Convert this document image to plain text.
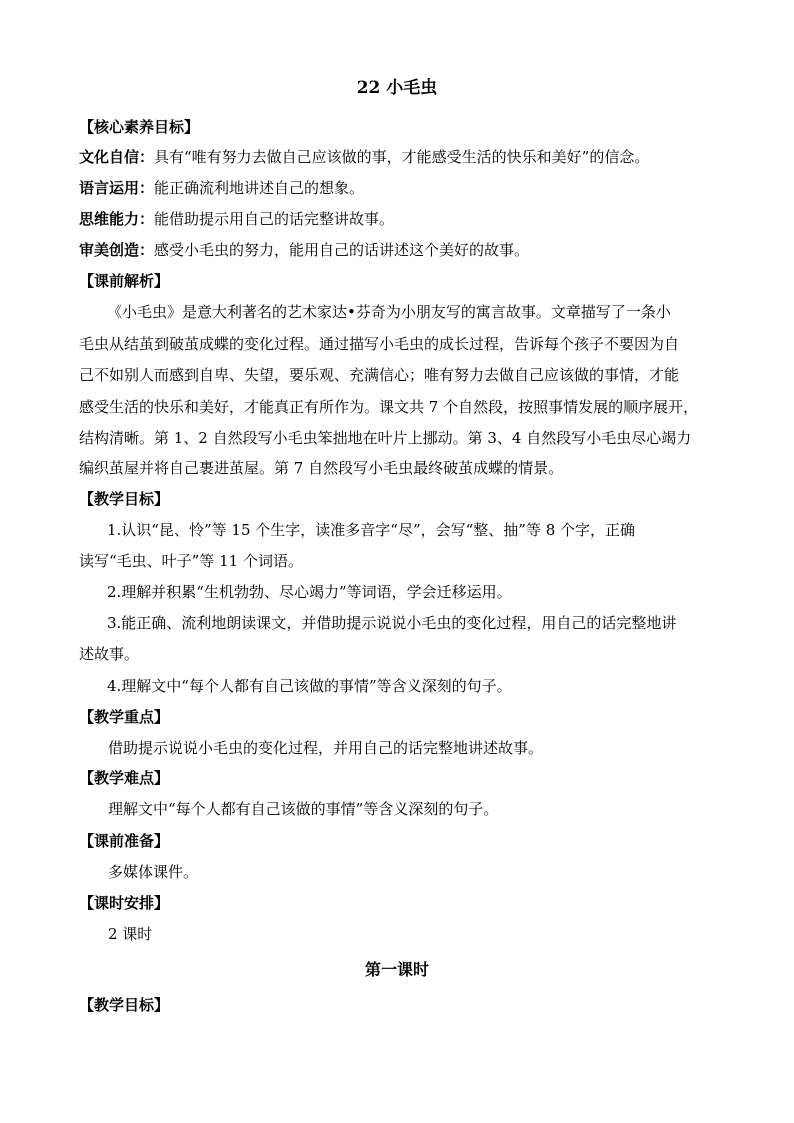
22 小毛虫
【核心素养目标】
文化自信：具有“唯有努力去做自己应该做的事，才能感受生活的快乐和美好”的信念。
语言运用：能正确流利地讲述自己的想象。
思维能力：能借助提示用自己的话完整讲故事。
审美创造：感受小毛虫的努力，能用自己的话讲述这个美好的故事。
【课前解析】
《小毛虫》是意大利著名的艺术家达•芬奇为小朋友写的寓言故事。文章描写了一条小
毛虫从结茧到破茧成蝶的变化过程。通过描写小毛虫的成长过程，告诉每个孩子不要因为自
己不如别人而感到自卑、失望，要乐观、充满信心；唯有努力去做自己应该做的事情，才能
感受生活的快乐和美好，才能真正有所作为。课文共 7 个自然段，按照事情发展的顺序展开，
结构清晰。第 1、2 自然段写小毛虫笨拙地在叶片上挪动。第 3、4 自然段写小毛虫尽心竭力
编织茧屋并将自己裹进茧屋。第 7 自然段写小毛虫最终破茧成蝶的情景。
【教学目标】
1.认识“昆、怜”等 15 个生字，读准多音字“尽”，会写“整、抽”等 8 个字，正确
读写“毛虫、叶子”等 11 个词语。
2.理解并积累“生机勃勃、尽心竭力”等词语，学会迁移运用。
3.能正确、流利地朗读课文，并借助提示说说小毛虫的变化过程，用自己的话完整地讲
述故事。
4.理解文中“每个人都有自己该做的事情”等含义深刻的句子。
【教学重点】
借助提示说说小毛虫的变化过程，并用自己的话完整地讲述故事。
【教学难点】
理解文中“每个人都有自己该做的事情”等含义深刻的句子。
【课前准备】
多媒体课件。
【课时安排】
2 课时
第一课时
【教学目标】
